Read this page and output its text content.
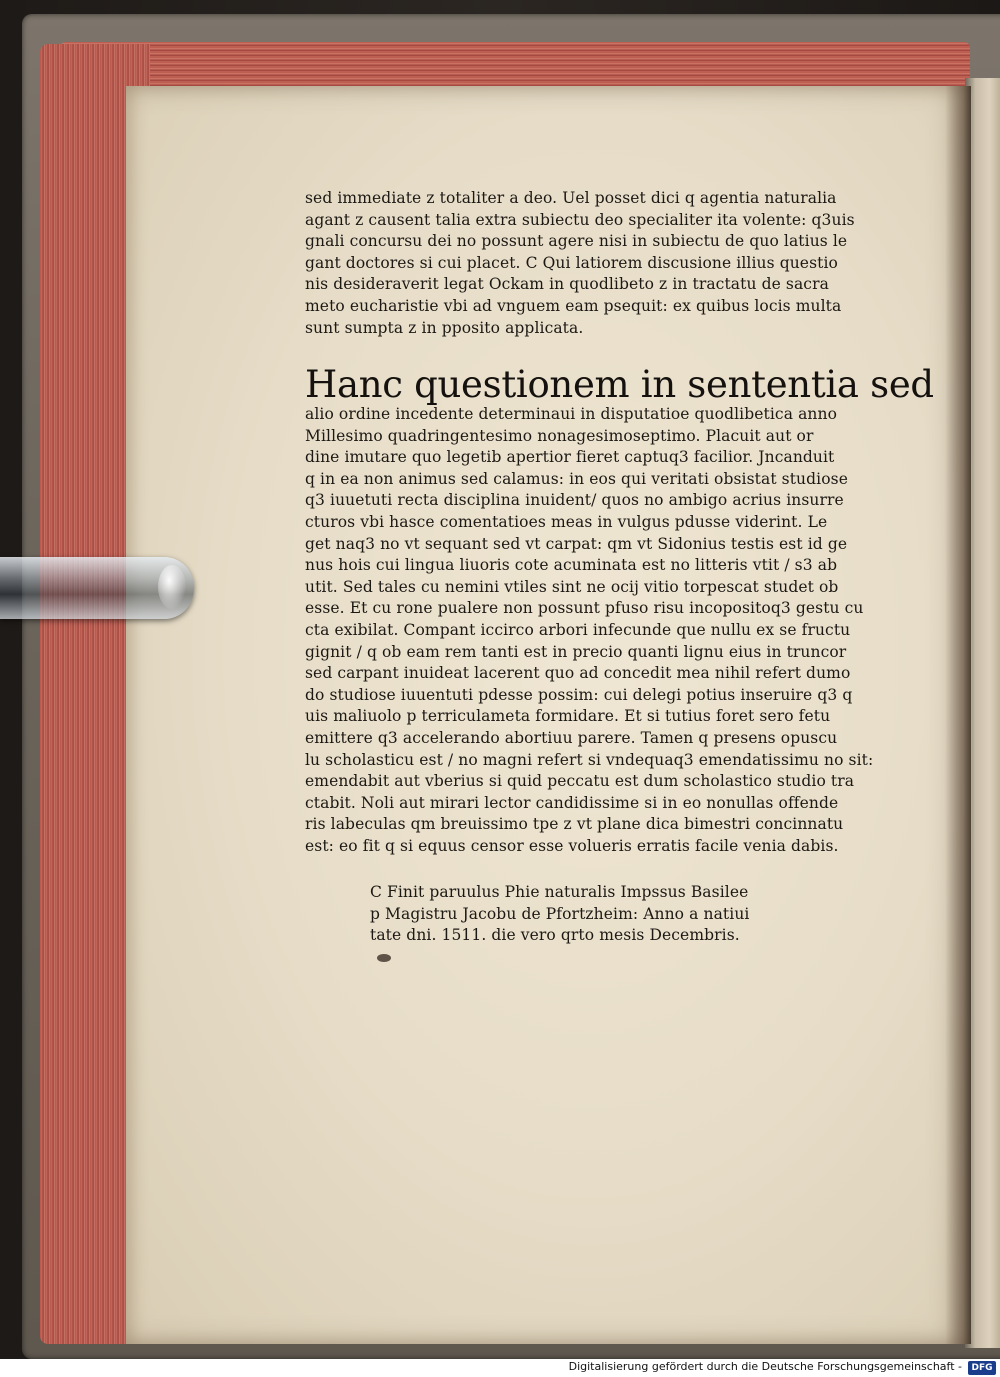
sed immediate z totaliter a deo. Uel posset dici q agentia naturalia
agant z causent talia extra subiectu deo specialiter ita volente: q3uis
gnali concursu dei no possunt agere nisi in subiectu de quo latius le
gant doctores si cui placet. C Qui latiorem discusione illius questio
nis desideraverit legat Ockam in quodlibeto z in tractatu de sacra
meto eucharistie vbi ad vnguem eam psequit: ex quibus locis multa
sunt sumpta z in pposito applicata.
Hanc questionem in sententia sed
alio ordine incedente determinaui in disputatioe quodlibetica anno
Millesimo quadringentesimo nonagesimoseptimo. Placuit aut or
dine imutare quo legetib apertior fieret captuq3 facilior. Jncanduit
q in ea non animus sed calamus: in eos qui veritati obsistat studiose
q3 iuuetuti recta disciplina inuident/ quos no ambigo acrius insurre
cturos vbi hasce comentatioes meas in vulgus pdusse viderint. Le
get naq3 no vt sequant sed vt carpat: qm vt Sidonius testis est id ge
nus hois cui lingua liuoris cote acuminata est no litteris vtit / s3 ab
utit. Sed tales cu nemini vtiles sint ne ocij vitio torpescat studet ob
esse. Et cu rone pualere non possunt pfuso risu incopositoq3 gestu cu
cta exibilat. Compant iccirco arbori infecunde que nullu ex se fructu
gignit / q ob eam rem tanti est in precio quanti lignu eius in truncor
sed carpant inuideat lacerent quo ad concedit mea nihil refert dumo
do studiose iuuentuti pdesse possim: cui delegi potius inseruire q3 q
uis maliuolo p terriculameta formidare. Et si tutius foret sero fetu
emittere q3 accelerando abortiuu parere. Tamen q presens opuscu
lu scholasticu est / no magni refert si vndequaq3 emendatissimu no sit:
emendabit aut vberius si quid peccatu est dum scholastico studio tra
ctabit. Noli aut mirari lector candidissime si in eo nonullas offende
ris labeculas qm breuissimo tpe z vt plane dica bimestri concinnatu
est: eo fit q si equus censor esse volueris erratis facile venia dabis.
C Finit paruulus Phie naturalis Impssus Basilee
p Magistru Jacobu de Pfortzheim: Anno a natiui
tate dni. 1511. die vero qrto mesis Decembris.
Digitalisierung gefördert durch die Deutsche Forschungsgemeinschaft -	DFG
